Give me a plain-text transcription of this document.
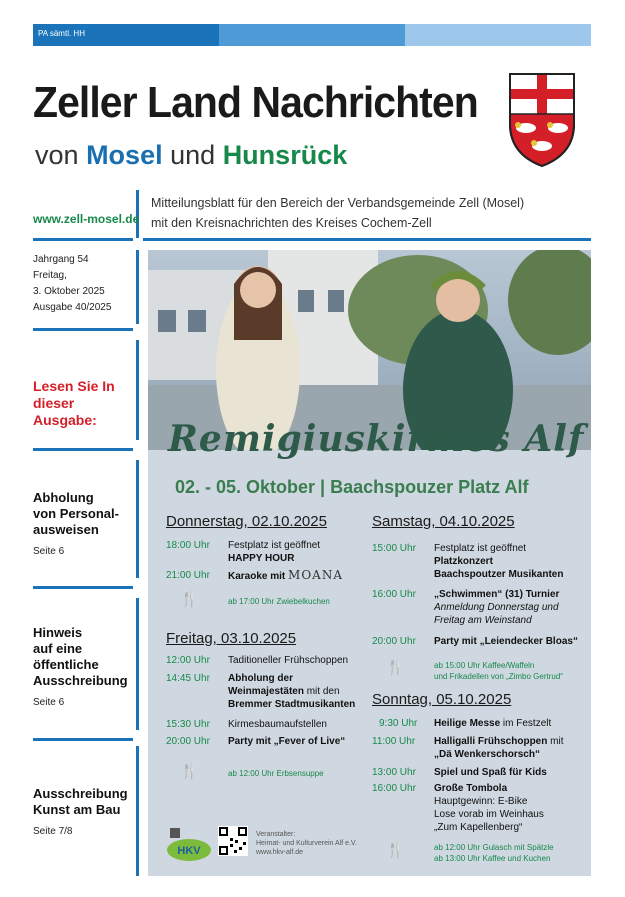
PA sämtl. HH
Zeller Land Nachrichten
von Mosel und Hunsrück
www.zell-mosel.de
Mitteilungsblatt für den Bereich der Verbandsgemeinde Zell (Mosel)
mit den Kreisnachrichten des Kreises Cochem-Zell
Jahrgang 54
Freitag,
3. Oktober 2025
Ausgabe 40/2025
Lesen Sie In
dieser
Ausgabe:
Abholung
von Personal-
ausweisen
Seite 6
Hinweis
auf eine
öffentliche
Ausschreibung
Seite 6
Ausschreibung
Kunst am Bau
Seite 7/8
Remigiuskirmes Alf
02. - 05. Oktober | Baachspouzer Platz Alf
Donnerstag, 02.10.2025
18:00 Uhr Festplatz ist geöffnet
HAPPY HOUR
21:00 Uhr Karaoke mit MOANA
🍴	ab 17:00 Uhr Zwiebelkuchen
Freitag, 03.10.2025
12:00 Uhr Taditioneller Frühschoppen
14:45 Uhr Abholung der
Weinmajestäten mit den
Bremmer Stadtmusikanten
15:30 Uhr Kirmesbaumaufstellen
20:00 Uhr Party mit „Fever of Live“
🍴	ab 12:00 Uhr Erbsensuppe
Samstag, 04.10.2025
15:00 Uhr Festplatz ist geöffnet
Platzkonzert
Baachspoutzer Musikanten
16:00 Uhr „Schwimmen“ (31) Turnier
Anmeldung Donnerstag und
Freitag am Weinstand
20:00 Uhr Party mit „Leiendecker Bloas“
🍴	ab 15:00 Uhr Kaffee/Waffeln
und Frikadellen von „Zimbo Gertrud“
Sonntag, 05.10.2025
9:30 Uhr Heilige Messe im Festzelt
11:00 Uhr Halligalli Frühschoppen mit
„Dä Wenkerschorsch“
13:00 Uhr Spiel und Spaß für Kids
16:00 Uhr Große Tombola
Hauptgewinn: E-Bike
Lose vorab im Weinhaus
„Zum Kapellenberg“
🍴	ab 12:00 Uhr Gulasch mit Spätzle
ab 13:00 Uhr Kaffee und Kuchen
HKV
Veranstalter:
Heimat- und Kulturverein Alf e.V.
www.hkv-alf.de
